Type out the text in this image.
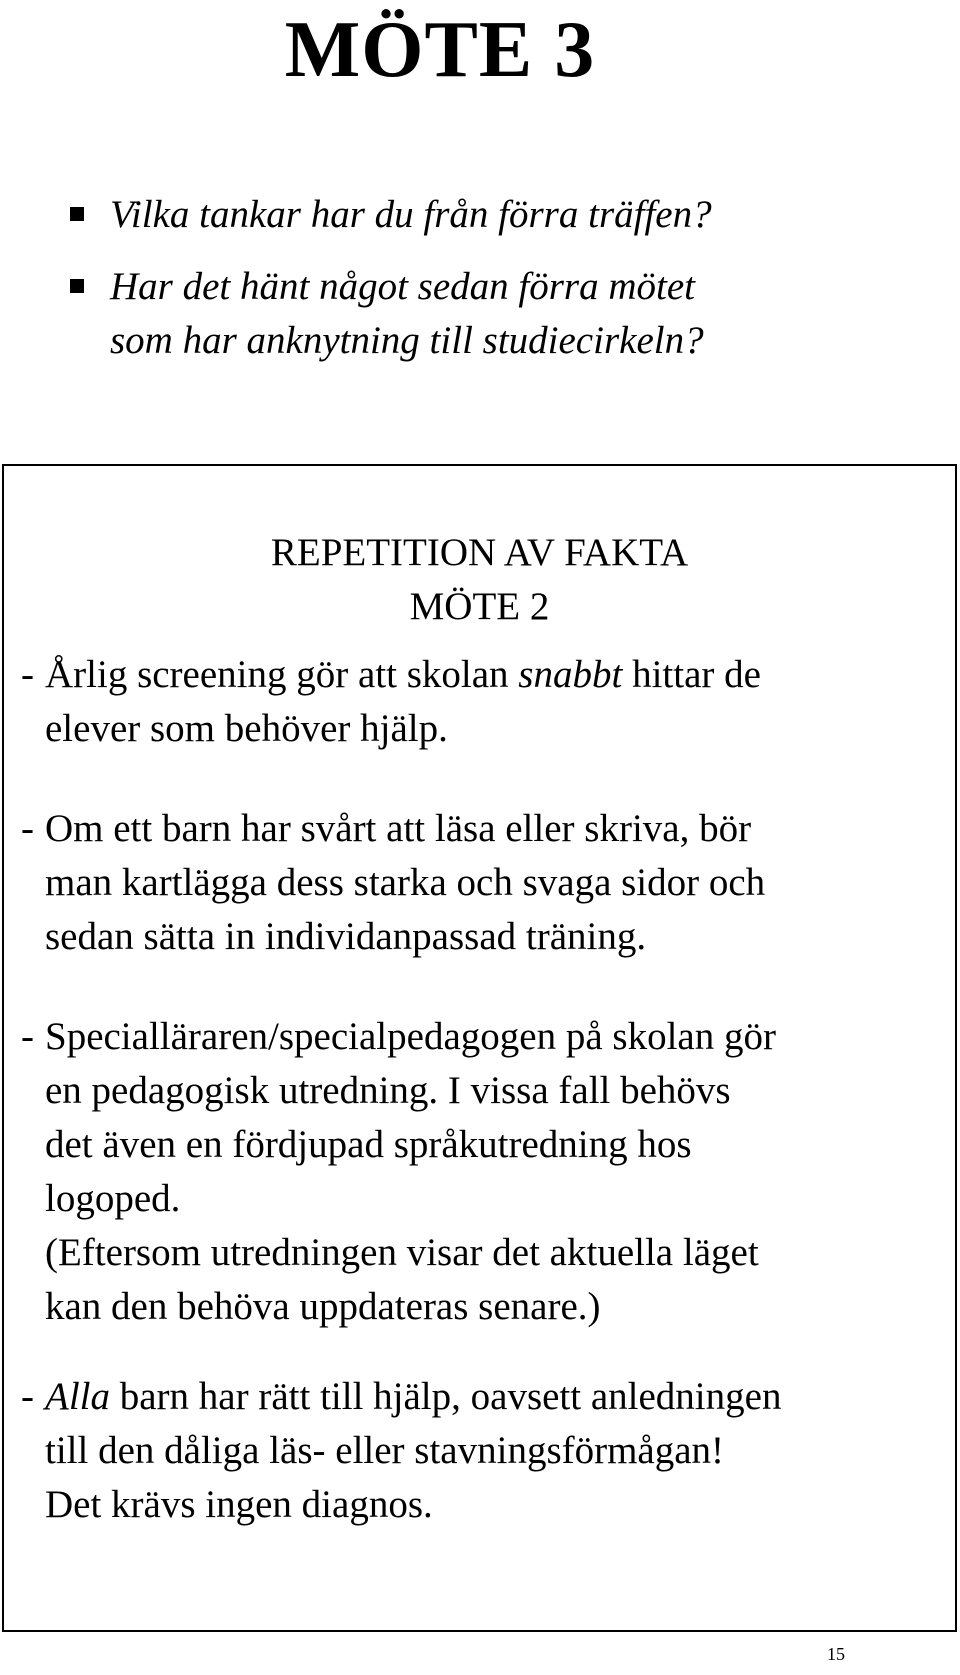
MÖTE 3
Vilka tankar har du från förra träffen?
Har det hänt något sedan förra mötet
som har anknytning till studiecirkeln?
REPETITION AV FAKTA
MÖTE 2

- Årlig screening gör att skolan snabbt hittar de
elever som behöver hjälp.

- Om ett barn har svårt att läsa eller skriva, bör
man kartlägga dess starka och svaga sidor och
sedan sätta in individanpassad träning.

- Specialläraren/specialpedagogen på skolan gör
en pedagogisk utredning. I vissa fall behövs
det även en fördjupad språkutredning hos
logoped.
(Eftersom utredningen visar det aktuella läget
kan den behöva uppdateras senare.)

- Alla barn har rätt till hjälp, oavsett anledningen
till den dåliga läs- eller stavningsförmågan!
Det krävs ingen diagnos.

15
